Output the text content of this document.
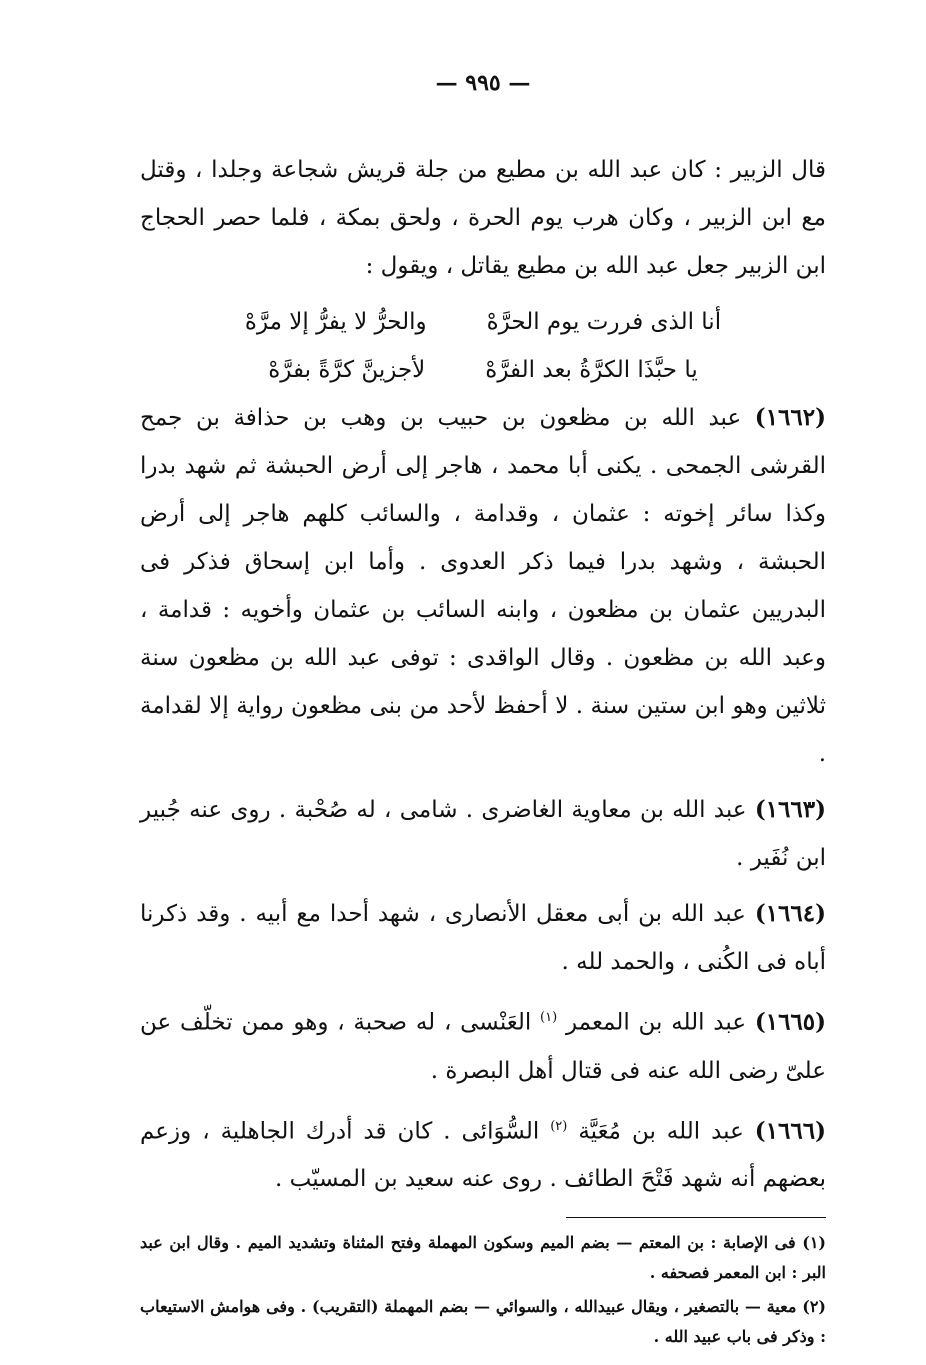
— ٩٩٥ —

قال الزبير : كان عبد الله بن مطيع من جلة قريش شجاعة وجلدا ، وقتل مع ابن الزبير ، وكان هرب يوم الحرة ، ولحق بمكة ، فلما حصر الحجاج ابن الزبير جعل عبد الله بن مطيع يقاتل ، ويقول :

أنا الذى فررت يوم الحرَّهْ
والحرُّ لا يفرُّ إلا مرَّهْ
يا حبَّذَا الكرَّةُ بعد الفرَّهْ
لأجزينَّ كرَّةً بفرَّهْ

(١٦٦٢) عبد الله بن مظعون بن حبيب بن وهب بن حذافة بن جمح القرشى الجمحى . يكنى أبا محمد ، هاجر إلى أرض الحبشة ثم شهد بدرا وكذا سائر إخوته : عثمان ، وقدامة ، والسائب كلهم هاجر إلى أرض الحبشة ، وشهد بدرا فيما ذكر العدوى . وأما ابن إسحاق فذكر فى البدريين عثمان بن مظعون ، وابنه السائب بن عثمان وأخويه : قدامة ، وعبد الله بن مظعون . وقال الواقدى : توفى عبد الله بن مظعون سنة ثلاثين وهو ابن ستين سنة . لا أحفظ لأحد من بنى مظعون رواية إلا لقدامة .

(١٦٦٣) عبد الله بن معاوية الغاضرى . شامى ، له صُحْبة . روى عنه جُبير ابن نُفَير .

(١٦٦٤) عبد الله بن أبى معقل الأنصارى ، شهد أحدا مع أبيه . وقد ذكرنا أباه فى الكُنى ، والحمد لله .

(١٦٦٥) عبد الله بن المعمر $^{(١)}$ العَنْسى ، له صحبة ، وهو ممن تخلّف عن علىّ رضى الله عنه فى قتال أهل البصرة .

(١٦٦٦) عبد الله بن مُعَيَّة $^{(٢)}$ السُّوَائى . كان قد أدرك الجاهلية ، وزعم بعضهم أنه شهد فَتْحَ الطائف . روى عنه سعيد بن المسيّب .

(١) فى الإصابة : بن المعتم — بضم الميم وسكون المهملة وفتح المثناة وتشديد الميم . وقال ابن عبد البر : ابن المعمر فصحفه .

(٢) معية — بالتصغير ، ويقال عبيدالله ، والسوائي — بضم المهملة (التقريب) . وفى هوامش الاستيعاب : وذكر فى باب عبيد الله .
